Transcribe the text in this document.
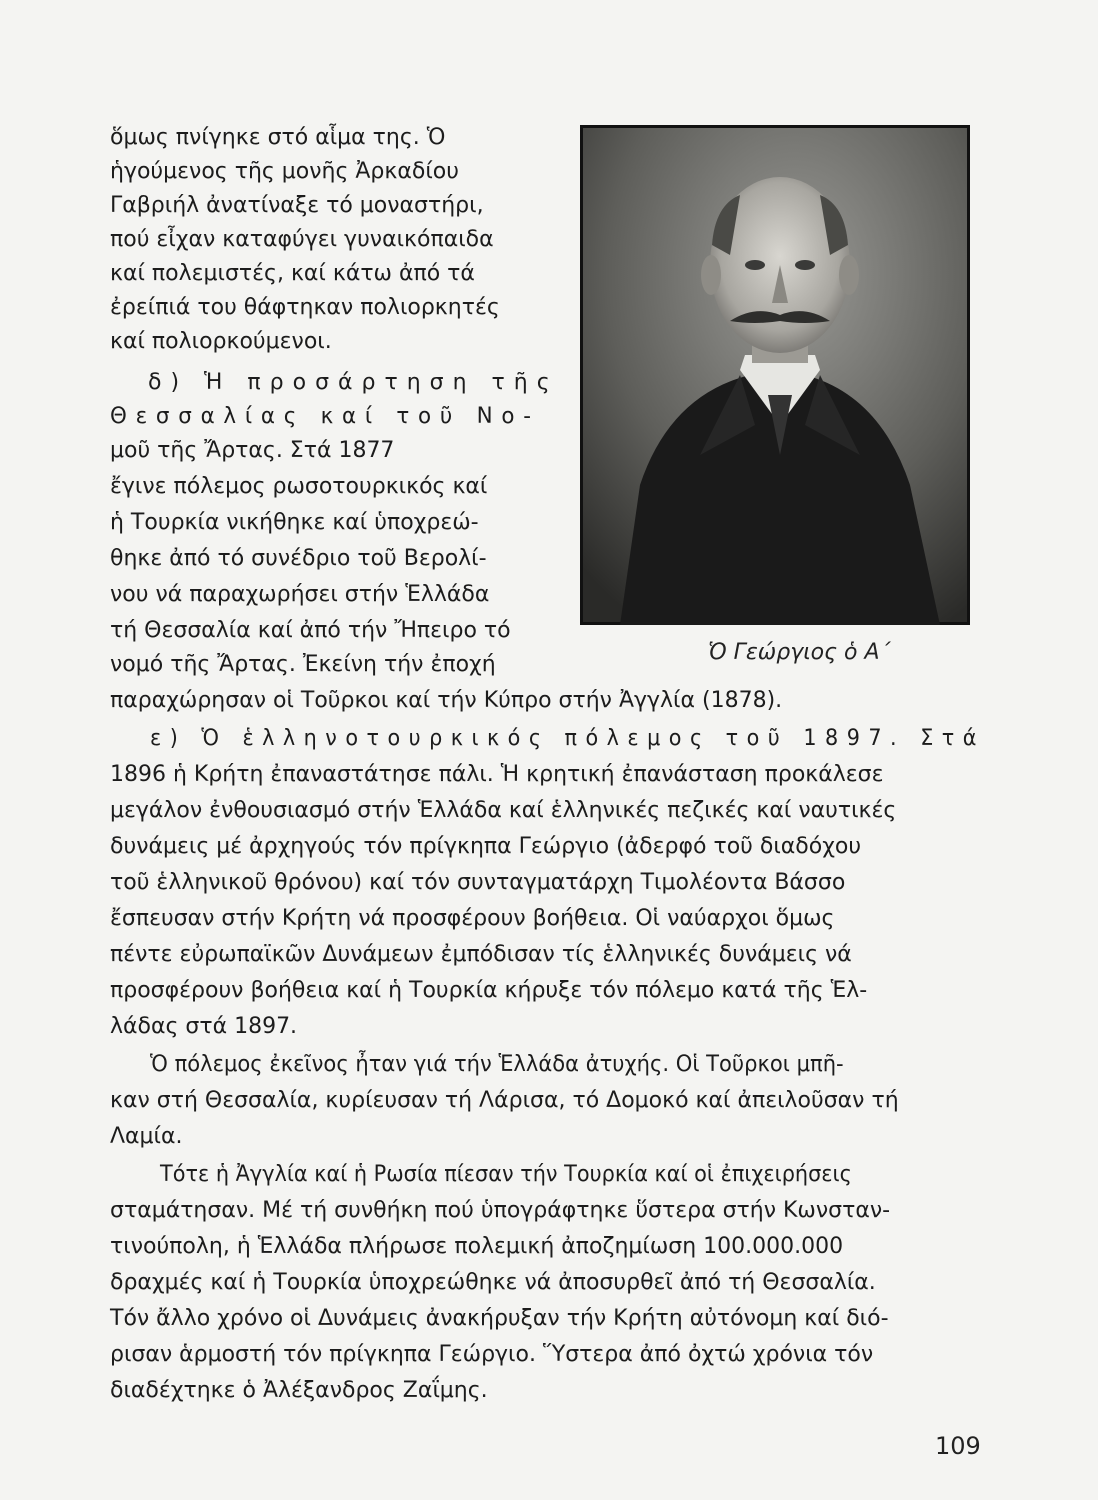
ὅμως πνίγηκε στό αἷμα της. Ὁ
ἡγούμενος τῆς μονῆς Ἀρκαδίου
Γαβριήλ ἀνατίναξε τό μοναστήρι,
πού εἶχαν καταφύγει γυναικόπαιδα
καί πολεμιστές, καί κάτω ἀπό τά
ἐρείπιά του θάφτηκαν πολιορκητές
καί πολιορκούμενοι.
δ) Ἡ προσάρτηση τῆς
Θεσσαλίας καί τοῦ Νο-
μοῦ τῆς Ἄρτας. Στά 1877
ἔγινε πόλεμος ρωσοτουρκικός καί
ἡ Τουρκία νικήθηκε καί ὑποχρεώ-
θηκε ἀπό τό συνέδριο τοῦ Βερολί-
νου νά παραχωρήσει στήν Ἑλλάδα
τή Θεσσαλία καί ἀπό τήν Ἤπειρο τό
νομό τῆς Ἄρτας. Ἐκείνη τήν ἐποχή	Ὁ Γεώργιος ὁ Α΄
παραχώρησαν οἱ Τοῦρκοι καί τήν Κύπρο στήν Ἀγγλία (1878).
ε) Ὁ ἑλληνοτουρκικός πόλεμος τοῦ 1897. Στά
1896 ἡ Κρήτη ἐπαναστάτησε πάλι. Ἡ κρητική ἐπανάσταση προκάλεσε
μεγάλον ἐνθουσιασμό στήν Ἑλλάδα καί ἑλληνικές πεζικές καί ναυτικές
δυνάμεις μέ ἀρχηγούς τόν πρίγκηπα Γεώργιο (ἀδερφό τοῦ διαδόχου
τοῦ ἑλληνικοῦ θρόνου) καί τόν συνταγματάρχη Τιμολέοντα Βάσσο
ἔσπευσαν στήν Κρήτη νά προσφέρουν βοήθεια. Οἱ ναύαρχοι ὅμως
πέντε εὐρωπαϊκῶν Δυνάμεων ἐμπόδισαν τίς ἑλληνικές δυνάμεις νά
προσφέρουν βοήθεια καί ἡ Τουρκία κήρυξε τόν πόλεμο κατά τῆς Ἑλ-
λάδας στά 1897.
Ὁ πόλεμος ἐκεῖνος ἦταν γιά τήν Ἑλλάδα ἀτυχής. Οἱ Τοῦρκοι μπῆ-
καν στή Θεσσαλία, κυρίευσαν τή Λάρισα, τό Δομοκό καί ἀπειλοῦσαν τή
Λαμία.
Τότε ἡ Ἀγγλία καί ἡ Ρωσία πίεσαν τήν Τουρκία καί οἱ ἐπιχειρήσεις
σταμάτησαν. Μέ τή συνθήκη πού ὑπογράφτηκε ὕστερα στήν Κωνσταν-
τινούπολη, ἡ Ἑλλάδα πλήρωσε πολεμική ἀποζημίωση 100.000.000
δραχμές καί ἡ Τουρκία ὑποχρεώθηκε νά ἀποσυρθεῖ ἀπό τή Θεσσαλία.
Τόν ἄλλο χρόνο οἱ Δυνάμεις ἀνακήρυξαν τήν Κρήτη αὐτόνομη καί διό-
ρισαν ἁρμοστή τόν πρίγκηπα Γεώργιο. Ὕστερα ἀπό ὀχτώ χρόνια τόν
διαδέχτηκε ὁ Ἀλέξανδρος Ζαΐμης.
109
